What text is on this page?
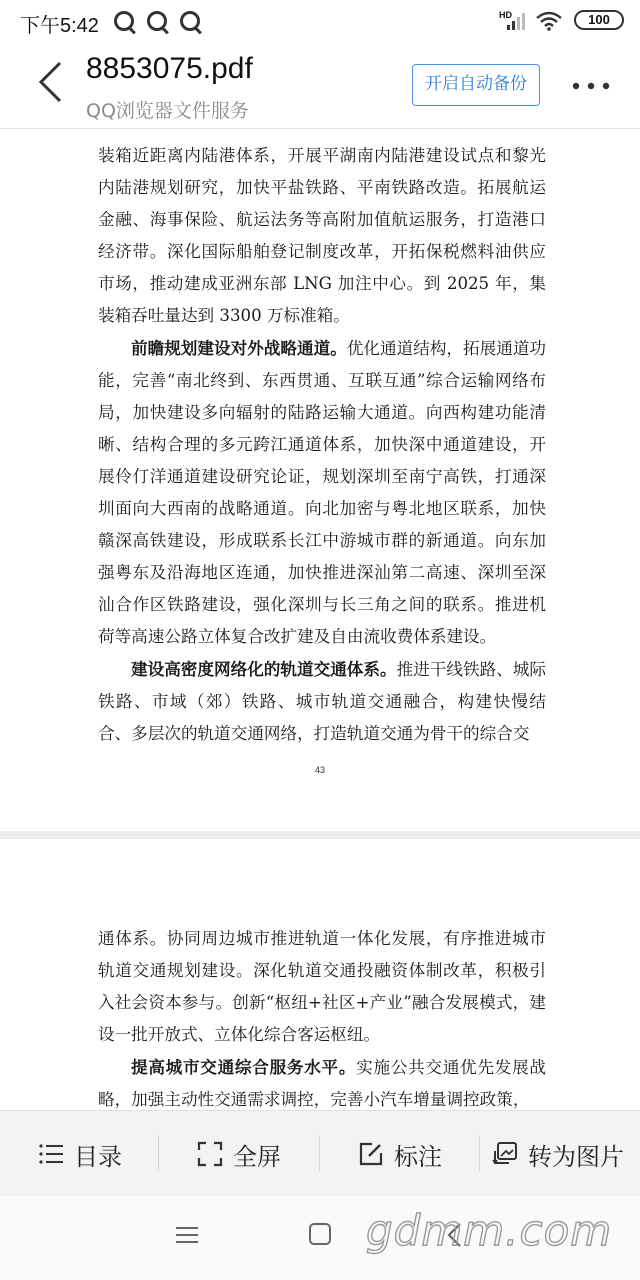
下午5:42	HD	100
8853075.pdf
QQ浏览器文件服务
开启自动备份

装箱近距离内陆港体系，开展平湖南内陆港建设试点和黎光内陆港规划研究，加快平盐铁路、平南铁路改造。拓展航运金融、海事保险、航运法务等高附加值航运服务，打造港口经济带。深化国际船舶登记制度改革，开拓保税燃料油供应市场，推动建成亚洲东部 LNG 加注中心。到 2025 年，集装箱吞吐量达到 3300 万标准箱。

前瞻规划建设对外战略通道。优化通道结构，拓展通道功能，完善“南北终到、东西贯通、互联互通”综合运输网络布局，加快建设多向辐射的陆路运输大通道。向西构建功能清晰、结构合理的多元跨江通道体系，加快深中通道建设，开展伶仃洋通道建设研究论证，规划深圳至南宁高铁，打通深圳面向大西南的战略通道。向北加密与粤北地区联系，加快赣深高铁建设，形成联系长江中游城市群的新通道。向东加强粤东及沿海地区连通，加快推进深汕第二高速、深圳至深汕合作区铁路建设，强化深圳与长三角之间的联系。推进机荷等高速公路立体复合改扩建及自由流收费体系建设。

建设高密度网络化的轨道交通体系。推进干线铁路、城际铁路、市域（郊）铁路、城市轨道交通融合，构建快慢结合、多层次的轨道交通网络，打造轨道交通为骨干的综合交

43

通体系。协同周边城市推进轨道一体化发展，有序推进城市轨道交通规划建设。深化轨道交通投融资体制改革，积极引入社会资本参与。创新“枢纽+社区+产业”融合发展模式，建设一批开放式、立体化综合客运枢纽。

提高城市交通综合服务水平。实施公共交通优先发展战略，加强主动性交通需求调控，完善小汽车增量调控政策，

目录	全屏	标注	转为图片
gdmm.com
